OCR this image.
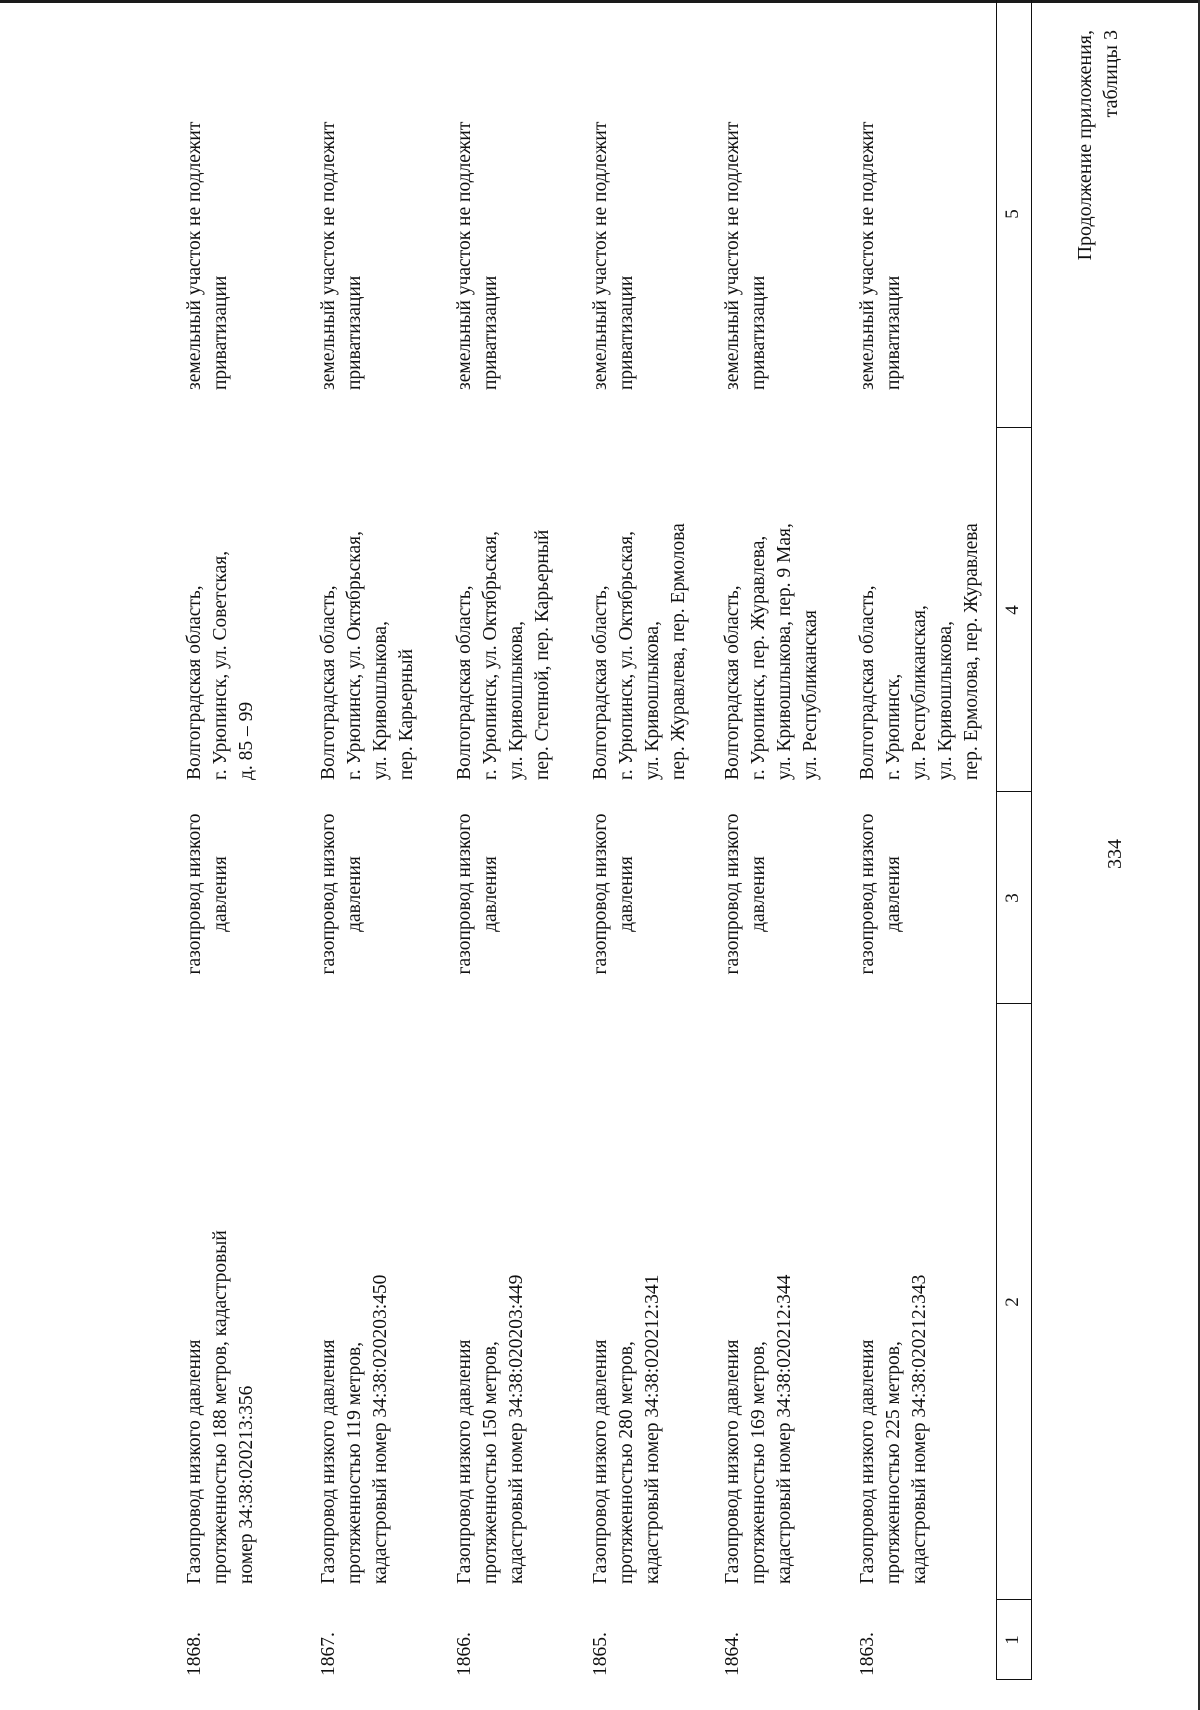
334
Продолжение приложения, таблицы 3
1
2
3
4
5
1863.
Газопровод низкого давления протяженностью 225 метров, кадастровый номер 34:38:020212:343
газопровод низкого давления
Волгоградская область, г. Урюпинск, ул. Республиканская, ул. Кривошлыкова, пер. Ермолова, пер. Журавлева
земельный участок не подлежит приватизации
1864.
Газопровод низкого давления протяженностью 169 метров, кадастровый номер 34:38:020212:344
газопровод низкого давления
Волгоградская область, г. Урюпинск, пер. Журавлева, ул. Кривошлыкова, пер. 9 Мая, ул. Республиканская
земельный участок не подлежит приватизации
1865.
Газопровод низкого давления протяженностью 280 метров, кадастровый номер 34:38:020212:341
газопровод низкого давления
Волгоградская область, г. Урюпинск, ул. Октябрьская, ул. Кривошлыкова, пер. Журавлева, пер. Ермолова
земельный участок не подлежит приватизации
1866.
Газопровод низкого давления протяженностью 150 метров, кадастровый номер 34:38:020203:449
газопровод низкого давления
Волгоградская область, г. Урюпинск, ул. Октябрьская, ул. Кривошлыкова, пер. Степной, пер. Карьерный
земельный участок не подлежит приватизации
1867.
Газопровод низкого давления протяженностью 119 метров, кадастровый номер 34:38:020203:450
газопровод низкого давления
Волгоградская область, г. Урюпинск, ул. Октябрьская, ул. Кривошлыкова, пер. Карьерный
земельный участок не подлежит приватизации
1868.
Газопровод низкого давления протяженностью 188 метров, кадастровый номер 34:38:020213:356
газопровод низкого давления
Волгоградская область, г. Урюпинск, ул. Советская, д. 85 – 99
земельный участок не подлежит приватизации
